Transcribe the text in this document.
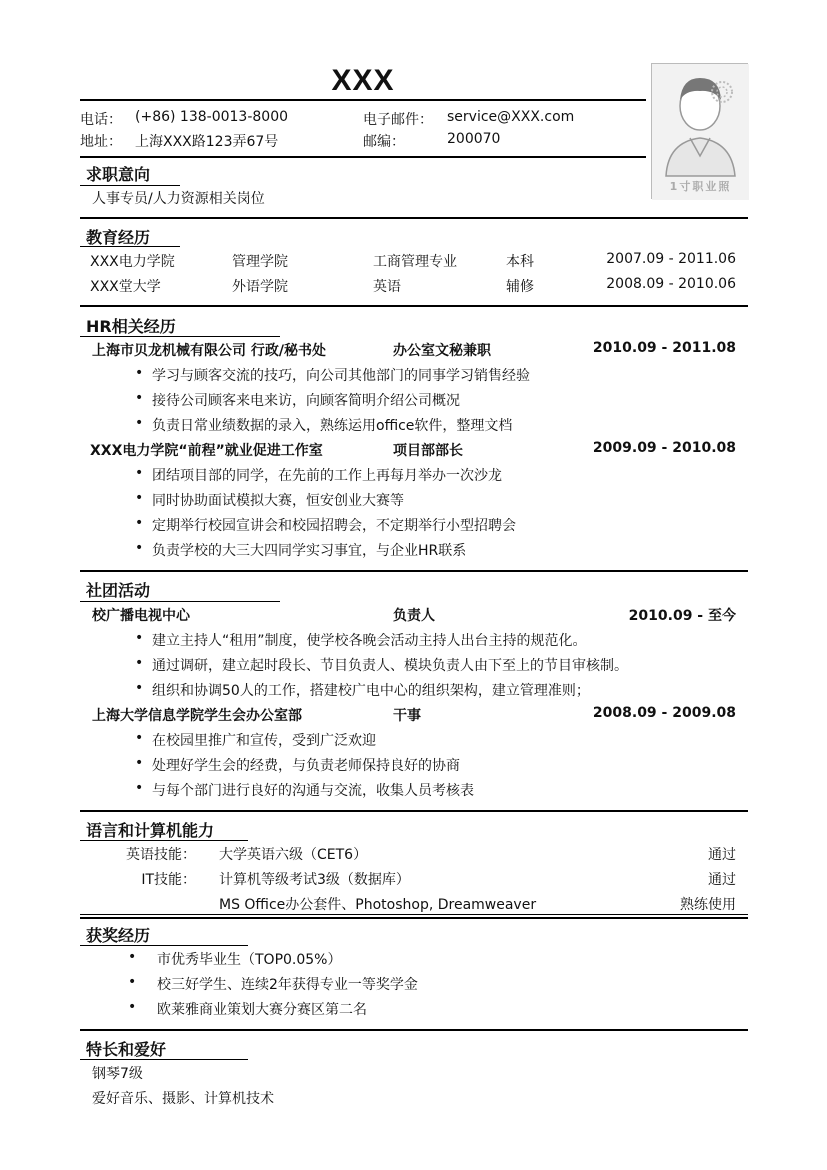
XXX
电话： (+86) 138-0013-8000	电子邮件： service@XXX.com
地址： 上海XXX路123弄67号	邮编：	200070
1寸职业照
求职意向
人事专员/人力资源相关岗位
教育经历
XXX电力学院	管理学院	工商管理专业	本科	2007.09 - 2011.06
XXX堂大学	外语学院	英语	辅修	2008.09 - 2010.06
HR相关经历
上海市贝龙机械有限公司 行政/秘书处	办公室文秘兼职	2010.09 - 2011.08
• 学习与顾客交流的技巧，向公司其他部门的同事学习销售经验
• 接待公司顾客来电来访，向顾客简明介绍公司概况
• 负责日常业绩数据的录入，熟练运用office软件，整理文档
XXX电力学院“前程”就业促进工作室	项目部部长	2009.09 - 2010.08
• 团结项目部的同学，在先前的工作上再每月举办一次沙龙
• 同时协助面试模拟大赛，恒安创业大赛等
• 定期举行校园宣讲会和校园招聘会，不定期举行小型招聘会
• 负责学校的大三大四同学实习事宜，与企业HR联系
社团活动
校广播电视中心	负责人	2010.09 - 至今
• 建立主持人“租用”制度，使学校各晚会活动主持人出台主持的规范化。
• 通过调研，建立起时段长、节目负责人、模块负责人由下至上的节目审核制。
• 组织和协调50人的工作，搭建校广电中心的组织架构，建立管理准则；
上海大学信息学院学生会办公室部	干事	2008.09 - 2009.08
• 在校园里推广和宣传，受到广泛欢迎
• 处理好学生会的经费，与负责老师保持良好的协商
• 与每个部门进行良好的沟通与交流，收集人员考核表
语言和计算机能力
英语技能： 大学英语六级（CET6）	通过
IT技能： 计算机等级考试3级（数据库）	通过
MS Office办公套件、Photoshop, Dreamweaver	熟练使用
获奖经历
• 市优秀毕业生（TOP0.05%）
• 校三好学生、连续2年获得专业一等奖学金
• 欧莱雅商业策划大赛分赛区第二名
特长和爱好
钢琴7级
爱好音乐、摄影、计算机技术
